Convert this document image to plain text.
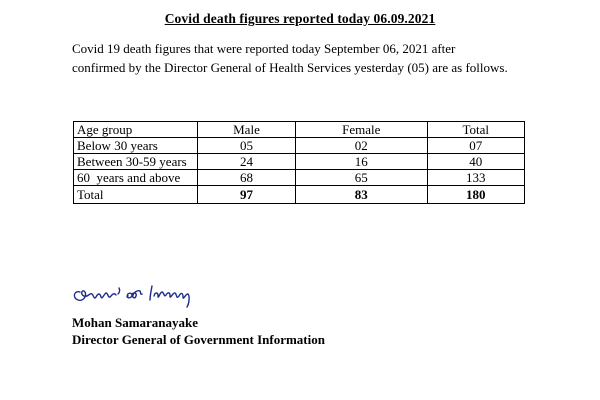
Covid death figures reported today 06.09.2021
Covid 19 death figures that were reported today September 06, 2021 after confirmed by the Director General of Health Services yesterday (05) are as follows.
Age group	Male	Female	Total
Below 30 years	05	02	07
Between 30-59 years	24	16	40
60  years and above	68	65	133
Total	97	83	180
Mohan Samaranayake
Director General of Government Information
